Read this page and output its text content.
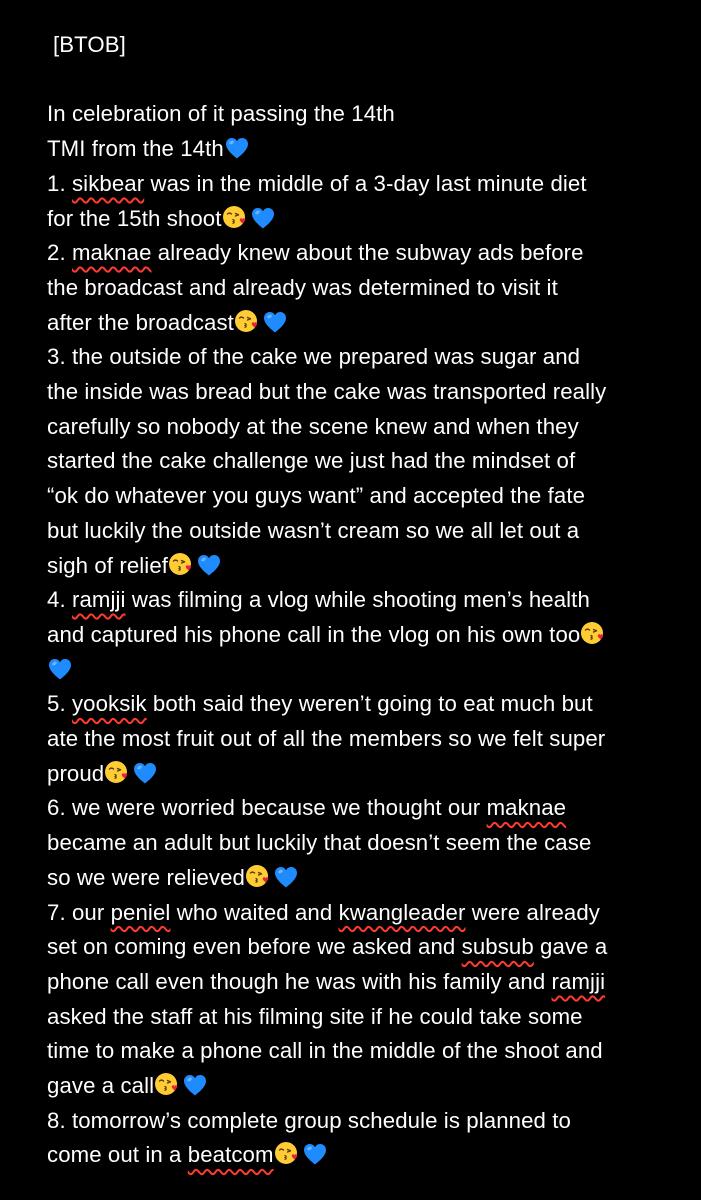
[BTOB]
In celebration of it passing the 14th
TMI from the 14th
1. sikbear was in the middle of a 3-day last minute diet
for the 15th shoot
2. maknae already knew about the subway ads before
the broadcast and already was determined to visit it
after the broadcast
3. the outside of the cake we prepared was sugar and
the inside was bread but the cake was transported really
carefully so nobody at the scene knew and when they
started the cake challenge we just had the mindset of
“ok do whatever you guys want” and accepted the fate
but luckily the outside wasn’t cream so we all let out a
sigh of relief
4. ramjji was filming a vlog while shooting men’s health
and captured his phone call in the vlog on his own too
5. yooksik both said they weren’t going to eat much but
ate the most fruit out of all the members so we felt super
proud
6. we were worried because we thought our maknae
became an adult but luckily that doesn’t seem the case
so we were relieved
7. our peniel who waited and kwangleader were already
set on coming even before we asked and subsub gave a
phone call even though he was with his family and ramjji
asked the staff at his filming site if he could take some
time to make a phone call in the middle of the shoot and
gave a call
8. tomorrow’s complete group schedule is planned to
come out in a beatcom
